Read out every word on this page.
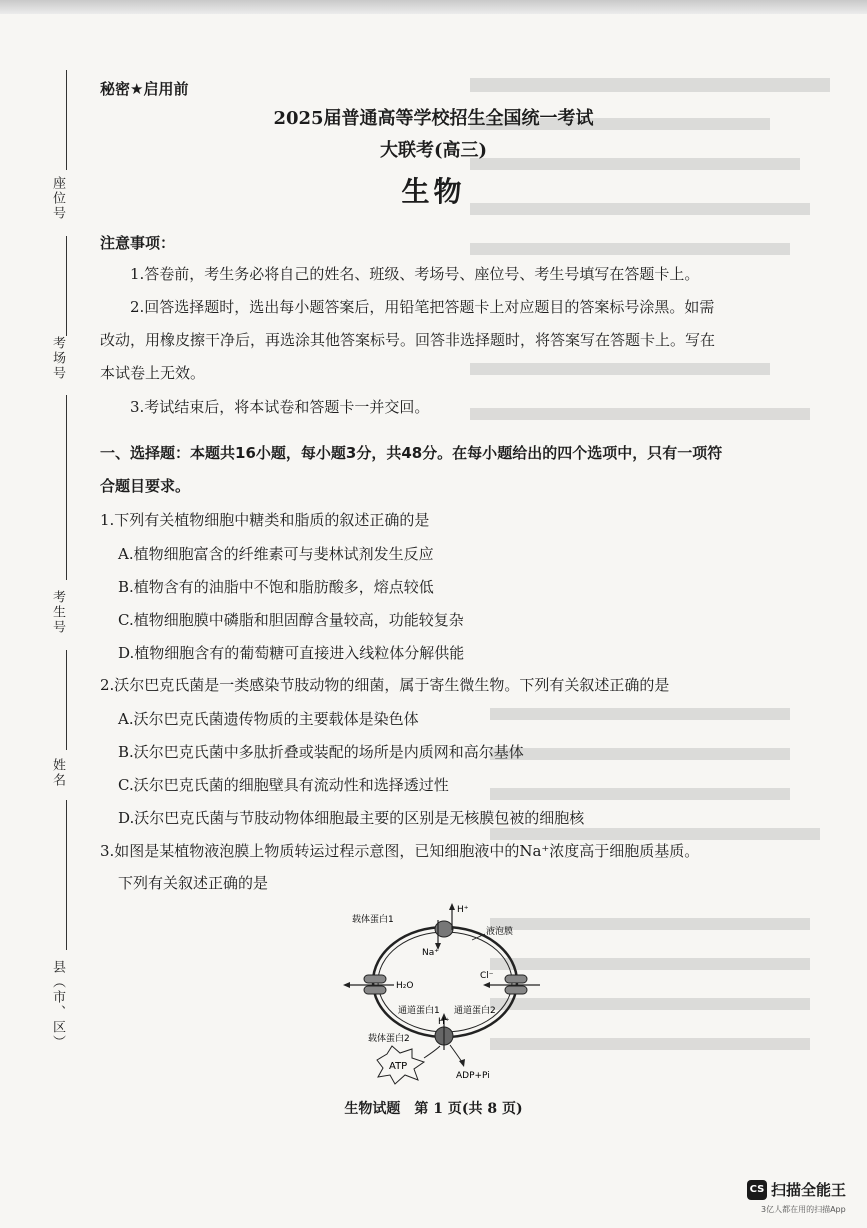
座位号
考场号
考生号
姓名
县（市、区）
秘密★启用前
2025届普通高等学校招生全国统一考试
大联考(高三)
生物
注意事项：
1.答卷前，考生务必将自己的姓名、班级、考场号、座位号、考生号填写在答题卡上。
2.回答选择题时，选出每小题答案后，用铅笔把答题卡上对应题目的答案标号涂黑。如需
改动，用橡皮擦干净后，再选涂其他答案标号。回答非选择题时，将答案写在答题卡上。写在
本试卷上无效。
3.考试结束后，将本试卷和答题卡一并交回。
一、选择题：本题共16小题，每小题3分，共48分。在每小题给出的四个选项中，只有一项符
合题目要求。
1.下列有关植物细胞中糖类和脂质的叙述正确的是
A.植物细胞富含的纤维素可与斐林试剂发生反应
B.植物含有的油脂中不饱和脂肪酸多，熔点较低
C.植物细胞膜中磷脂和胆固醇含量较高，功能较复杂
D.植物细胞含有的葡萄糖可直接进入线粒体分解供能
2.沃尔巴克氏菌是一类感染节肢动物的细菌，属于寄生微生物。下列有关叙述正确的是
A.沃尔巴克氏菌遗传物质的主要载体是染色体
B.沃尔巴克氏菌中多肽折叠或装配的场所是内质网和高尔基体
C.沃尔巴克氏菌的细胞壁具有流动性和选择透过性
D.沃尔巴克氏菌与节肢动物体细胞最主要的区别是无核膜包被的细胞核
3.如图是某植物液泡膜上物质转运过程示意图，已知细胞液中的Na⁺浓度高于细胞质基质。
下列有关叙述正确的是
载体蛋白1
H⁺
Na⁺
液泡膜
H₂O
通道蛋白1
Cl⁻
通道蛋白2
H⁺
载体蛋白2
ATP
ADP+Pi
生物试题　第 1 页(共 8 页)
CS 扫描全能王
3亿人都在用的扫描App
